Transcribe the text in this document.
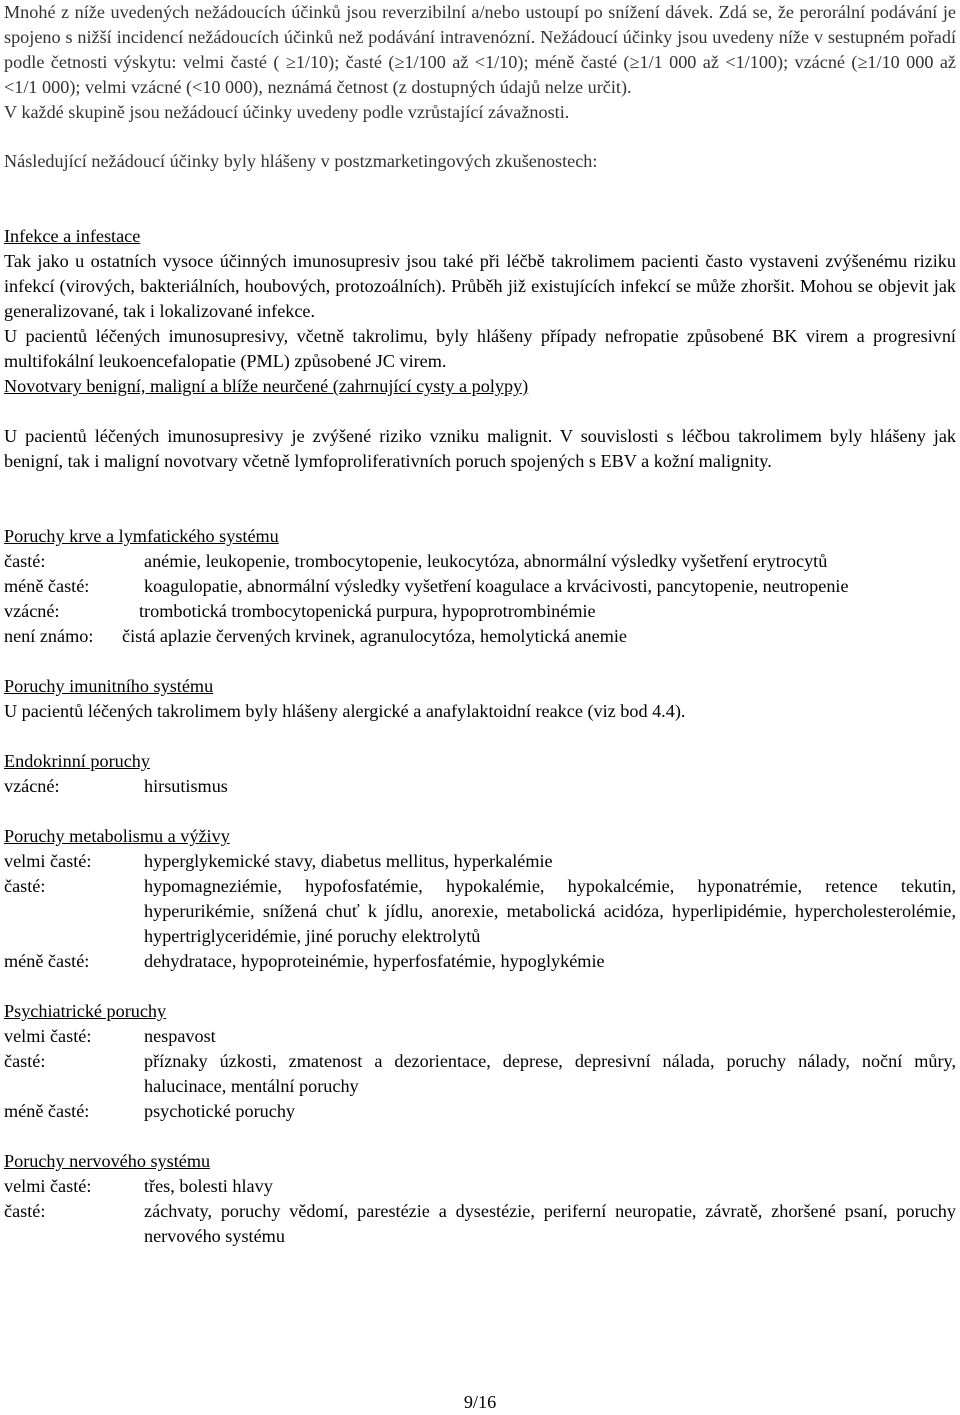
Mnohé z níže uvedených nežádoucích účinků jsou reverzibilní a/nebo ustoupí po snížení dávek. Zdá se, že perorální podávání je spojeno s nižší incidencí nežádoucích účinků než podávání intravenózní. Nežádoucí účinky jsou uvedeny níže v sestupném pořadí podle četnosti výskytu: velmi časté ( ≥1/10); časté (≥1/100 až <1/10); méně časté (≥1/1 000 až <1/100); vzácné (≥1/10 000 až <1/1 000); velmi vzácné (<10 000), neznámá četnost (z dostupných údajů nelze určit).

V každé skupině jsou nežádoucí účinky uvedeny podle vzrůstající závažnosti.

Následující nežádoucí účinky byly hlášeny v postzmarketingových zkušenostech:

Infekce a infestace

Tak jako u ostatních vysoce účinných imunosupresiv jsou také při léčbě takrolimem pacienti často vystaveni zvýšenému riziku infekcí (virových, bakteriálních, houbových, protozoálních). Průběh již existujících infekcí se může zhoršit. Mohou se objevit jak generalizované, tak i lokalizované infekce.

U pacientů léčených imunosupresivy, včetně takrolimu, byly hlášeny případy nefropatie způsobené BK virem a progresivní multifokální leukoencefalopatie (PML) způsobené JC virem.

Novotvary benigní, maligní a blíže neurčené (zahrnující cysty a polypy)

U pacientů léčených imunosupresivy je zvýšené riziko vzniku malignit. V souvislosti s léčbou takrolimem byly hlášeny jak benigní, tak i maligní novotvary včetně lymfoproliferativních poruch spojených s EBV a kožní malignity.

Poruchy krve a lymfatického systému

časté:	anémie, leukopenie, trombocytopenie, leukocytóza, abnormální výsledky vyšetření erytrocytů
méně časté:	koagulopatie, abnormální výsledky vyšetření koagulace a krvácivosti, pancytopenie, neutropenie
vzácné:	trombotická trombocytopenická purpura, hypoprotrombinémie
není známo:	čistá aplazie červených krvinek, agranulocytóza, hemolytická anemie

Poruchy imunitního systému

U pacientů léčených takrolimem byly hlášeny alergické a anafylaktoidní reakce (viz bod 4.4).

Endokrinní poruchy

vzácné:	hirsutismus

Poruchy metabolismu a výživy

velmi časté:	hyperglykemické stavy, diabetus mellitus, hyperkalémie
časté:	hypomagneziémie, hypofosfatémie, hypokalémie, hypokalcémie, hyponatrémie, retence tekutin, hyperurikémie, snížená chuť k jídlu, anorexie, metabolická acidóza, hyperlipidémie, hypercholesterolémie, hypertriglyceridémie, jiné poruchy elektrolytů
méně časté:	dehydratace, hypoproteinémie, hyperfosfatémie, hypoglykémie

Psychiatrické poruchy

velmi časté:	nespavost
časté:	příznaky úzkosti, zmatenost a dezorientace, deprese, depresivní nálada, poruchy nálady, noční můry, halucinace, mentální poruchy
méně časté:	psychotické poruchy

Poruchy nervového systému

velmi časté:	třes, bolesti hlavy
časté:	záchvaty, poruchy vědomí, parestézie a dysestézie, periferní neuropatie, závratě, zhoršené psaní, poruchy nervového systému
9/16
